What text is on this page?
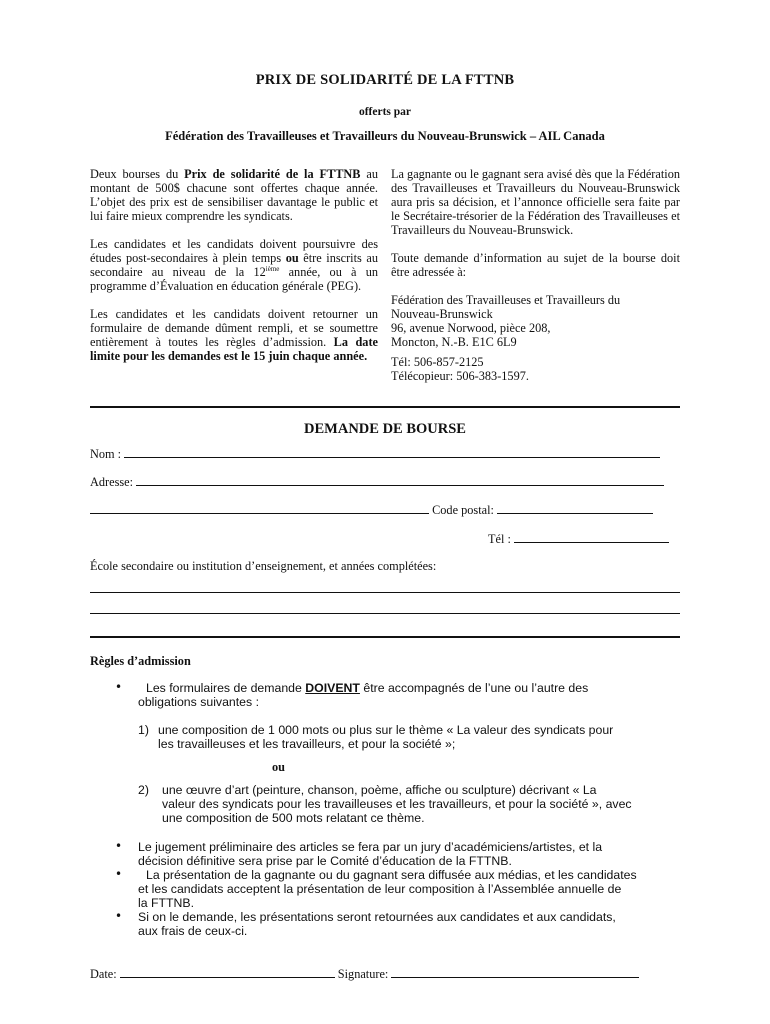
PRIX DE SOLIDARITÉ DE LA FTTNB
offerts par
Fédération des Travailleuses et Travailleurs du Nouveau-Brunswick – AIL Canada

Deux bourses du Prix de solidarité de la FTTNB au montant de 500$ chacune sont offertes chaque année. L’objet des prix est de sensibiliser davantage le public et lui faire mieux comprendre les syndicats.

Les candidates et les candidats doivent poursuivre des études post-secondaires à plein temps ou être inscrits au secondaire au niveau de la 12ième année, ou à un programme d’Évaluation en éducation générale (PEG).

Les candidates et les candidats doivent retourner un formulaire de demande dûment rempli, et se soumettre entièrement à toutes les règles d’admission. La date limite pour les demandes est le 15 juin chaque année.

La gagnante ou le gagnant sera avisé dès que la Fédération des Travailleuses et Travailleurs du Nouveau-Brunswick aura pris sa décision, et l’annonce officielle sera faite par le Secrétaire-trésorier de la Fédération des Travailleuses et Travailleurs du Nouveau-Brunswick.

Toute demande d’information au sujet de la bourse doit être adressée à:

Fédération des Travailleuses et Travailleurs du

Nouveau-Brunswick

96, avenue Norwood, pièce 208,

Moncton, N.-B. E1C 6L9

Tél: 506-857-2125

Télécopieur: 506-383-1597.

DEMANDE DE BOURSE
Nom :
Adresse:
Code postal:
Tél :
École secondaire ou institution d’enseignement, et années complétées:
Règles d’admission
•	Les formulaires de demande DOIVENT être accompagnés de l’une ou l’autre des
obligations suivantes :
1) une composition de 1 000 mots ou plus sur le thème « La valeur des syndicats pour
les travailleuses et les travailleurs, et pour la société »;
ou
2) une œuvre d’art (peinture, chanson, poème, affiche ou sculpture) décrivant « La
valeur des syndicats pour les travailleuses et les travailleurs, et pour la société », avec
une composition de 500 mots relatant ce thème.
• Le jugement préliminaire des articles se fera par un jury d’académiciens/artistes, et la
décision définitive sera prise par le Comité d’éducation de la FTTNB.
•	La présentation de la gagnante ou du gagnant sera diffusée aux médias, et les candidates
et les candidats acceptent la présentation de leur composition à l’Assemblée annuelle de
la FTTNB.
• Si on le demande, les présentations seront retournées aux candidates et aux candidats,
aux frais de ceux-ci.
Date:	Signature:
